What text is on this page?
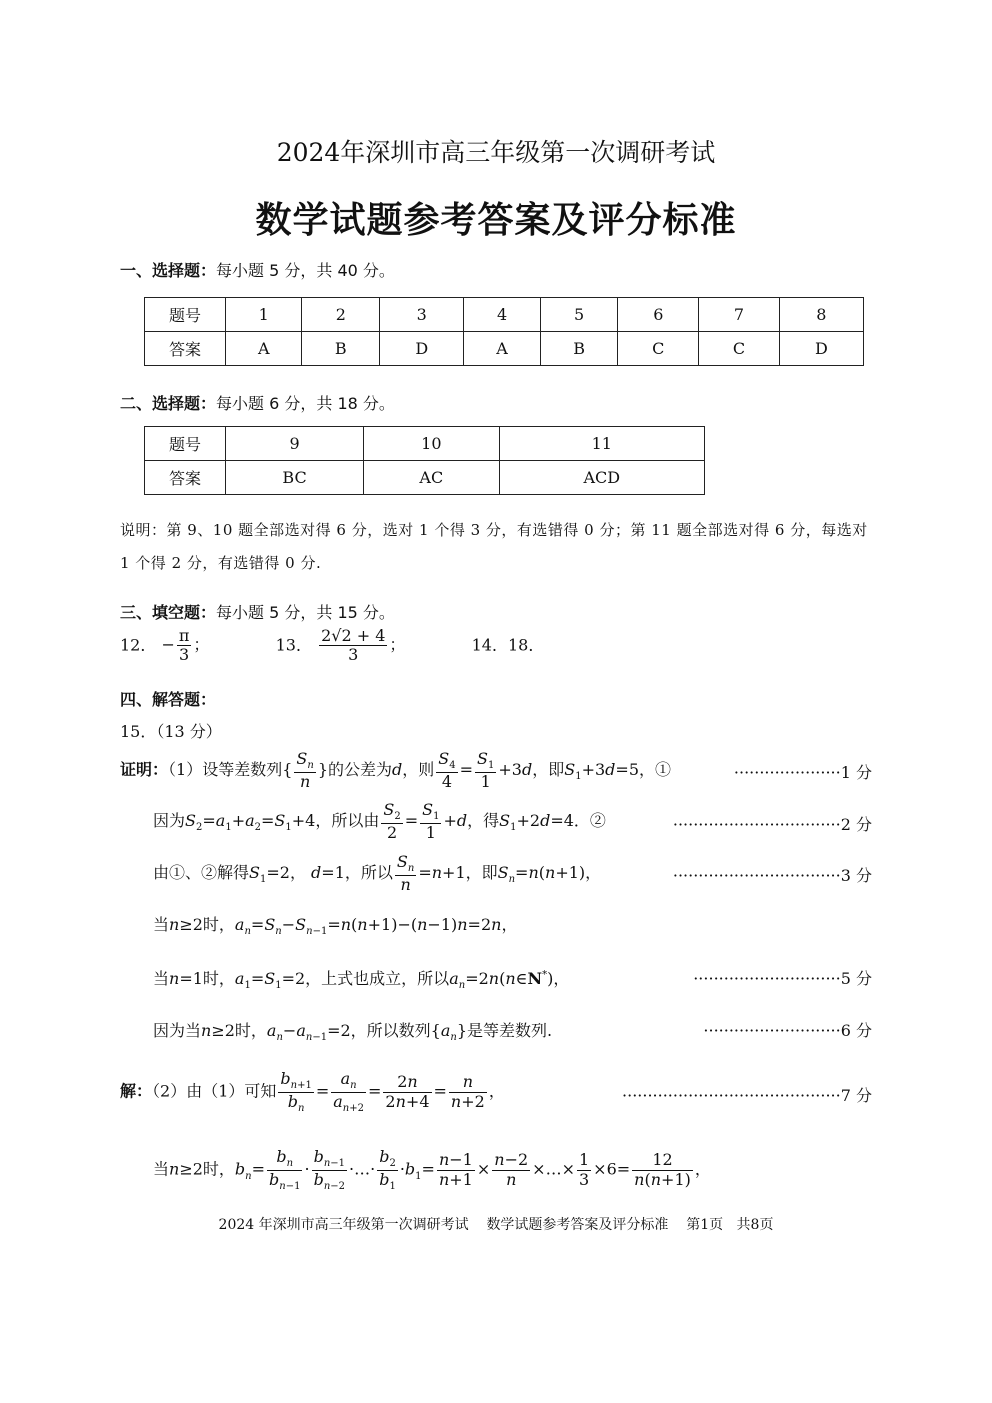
2024年深圳市高三年级第一次调研考试
数学试题参考答案及评分标准
一、选择题：每小题 5 分，共 40 分。
题号	1	2	3	4	5	6	7	8
答案	A	B	D	A	B	C	C	D
二、选择题：每小题 6 分，共 18 分。
题号	9	10	11
答案	BC	AC	ACD
说明：第 9、10 题全部选对得 6 分，选对 1 个得 3 分，有选错得 0 分；第 11 题全部选对得 6 分，每选对 1 个得 2 分，有选错得 0 分.
三、填空题：每小题 5 分，共 15 分。
12． − $\frac{\pi}{3}$ ；	13． $\frac{2√2 + 4}{3}$ ；	14．18．
四、解答题：
15．（13 分）
证明：（1）设等差数列{ $\frac{S_n}{n}$ }的公差为d，则 $\frac{S_4}{4} = \frac{S_1}{1} +3d$，即$S_1+3d=5$，①	·····················1 分
因为$S_2=a_1+a_2=S_1+4$，所以由 $\frac{S_2}{2} = \frac{S_1}{1} +d$，得$S_1+2d=4$．②	·································2 分
由①、②解得$S_1=2$， d=1，所以 $\frac{S_n}{n} =n+1$，即$S_n=n(n+1)$，	·································3 分
当n≥2时，$a_n=S_n-S_{n-1}=n(n+1)-(n-1)n=2n$，
当n=1时，$a_1=S_1=2$，上式也成立，所以$a_n=2n(n\in N^*)$，	·····························5 分
因为当n≥2时，$a_n-a_{n-1}=2$，所以数列$\{a_n\}$是等差数列.	···························6 分
解：（2）由（1）可知 $\frac{b_{n+1}}{b_n} = \frac{a_n}{a_{n+2}} = \frac{2n}{2n+4} = \frac{n}{n+2}$ ，	···········································7 分
当n≥2时，$b_n= \frac{b_n}{b_{n-1}} \cdot \frac{b_{n-1}}{b_{n-2}}$ ·…· $\frac{b_2}{b_1} \cdot b_1= \frac{n-1}{n+1} \times \frac{n-2}{n}$ ×…× $\frac{1}{3} \times 6= \frac{12}{n(n+1)}$ ，
2024 年深圳市高三年级第一次调研考试 数学试题参考答案及评分标准 第1页 共8页
